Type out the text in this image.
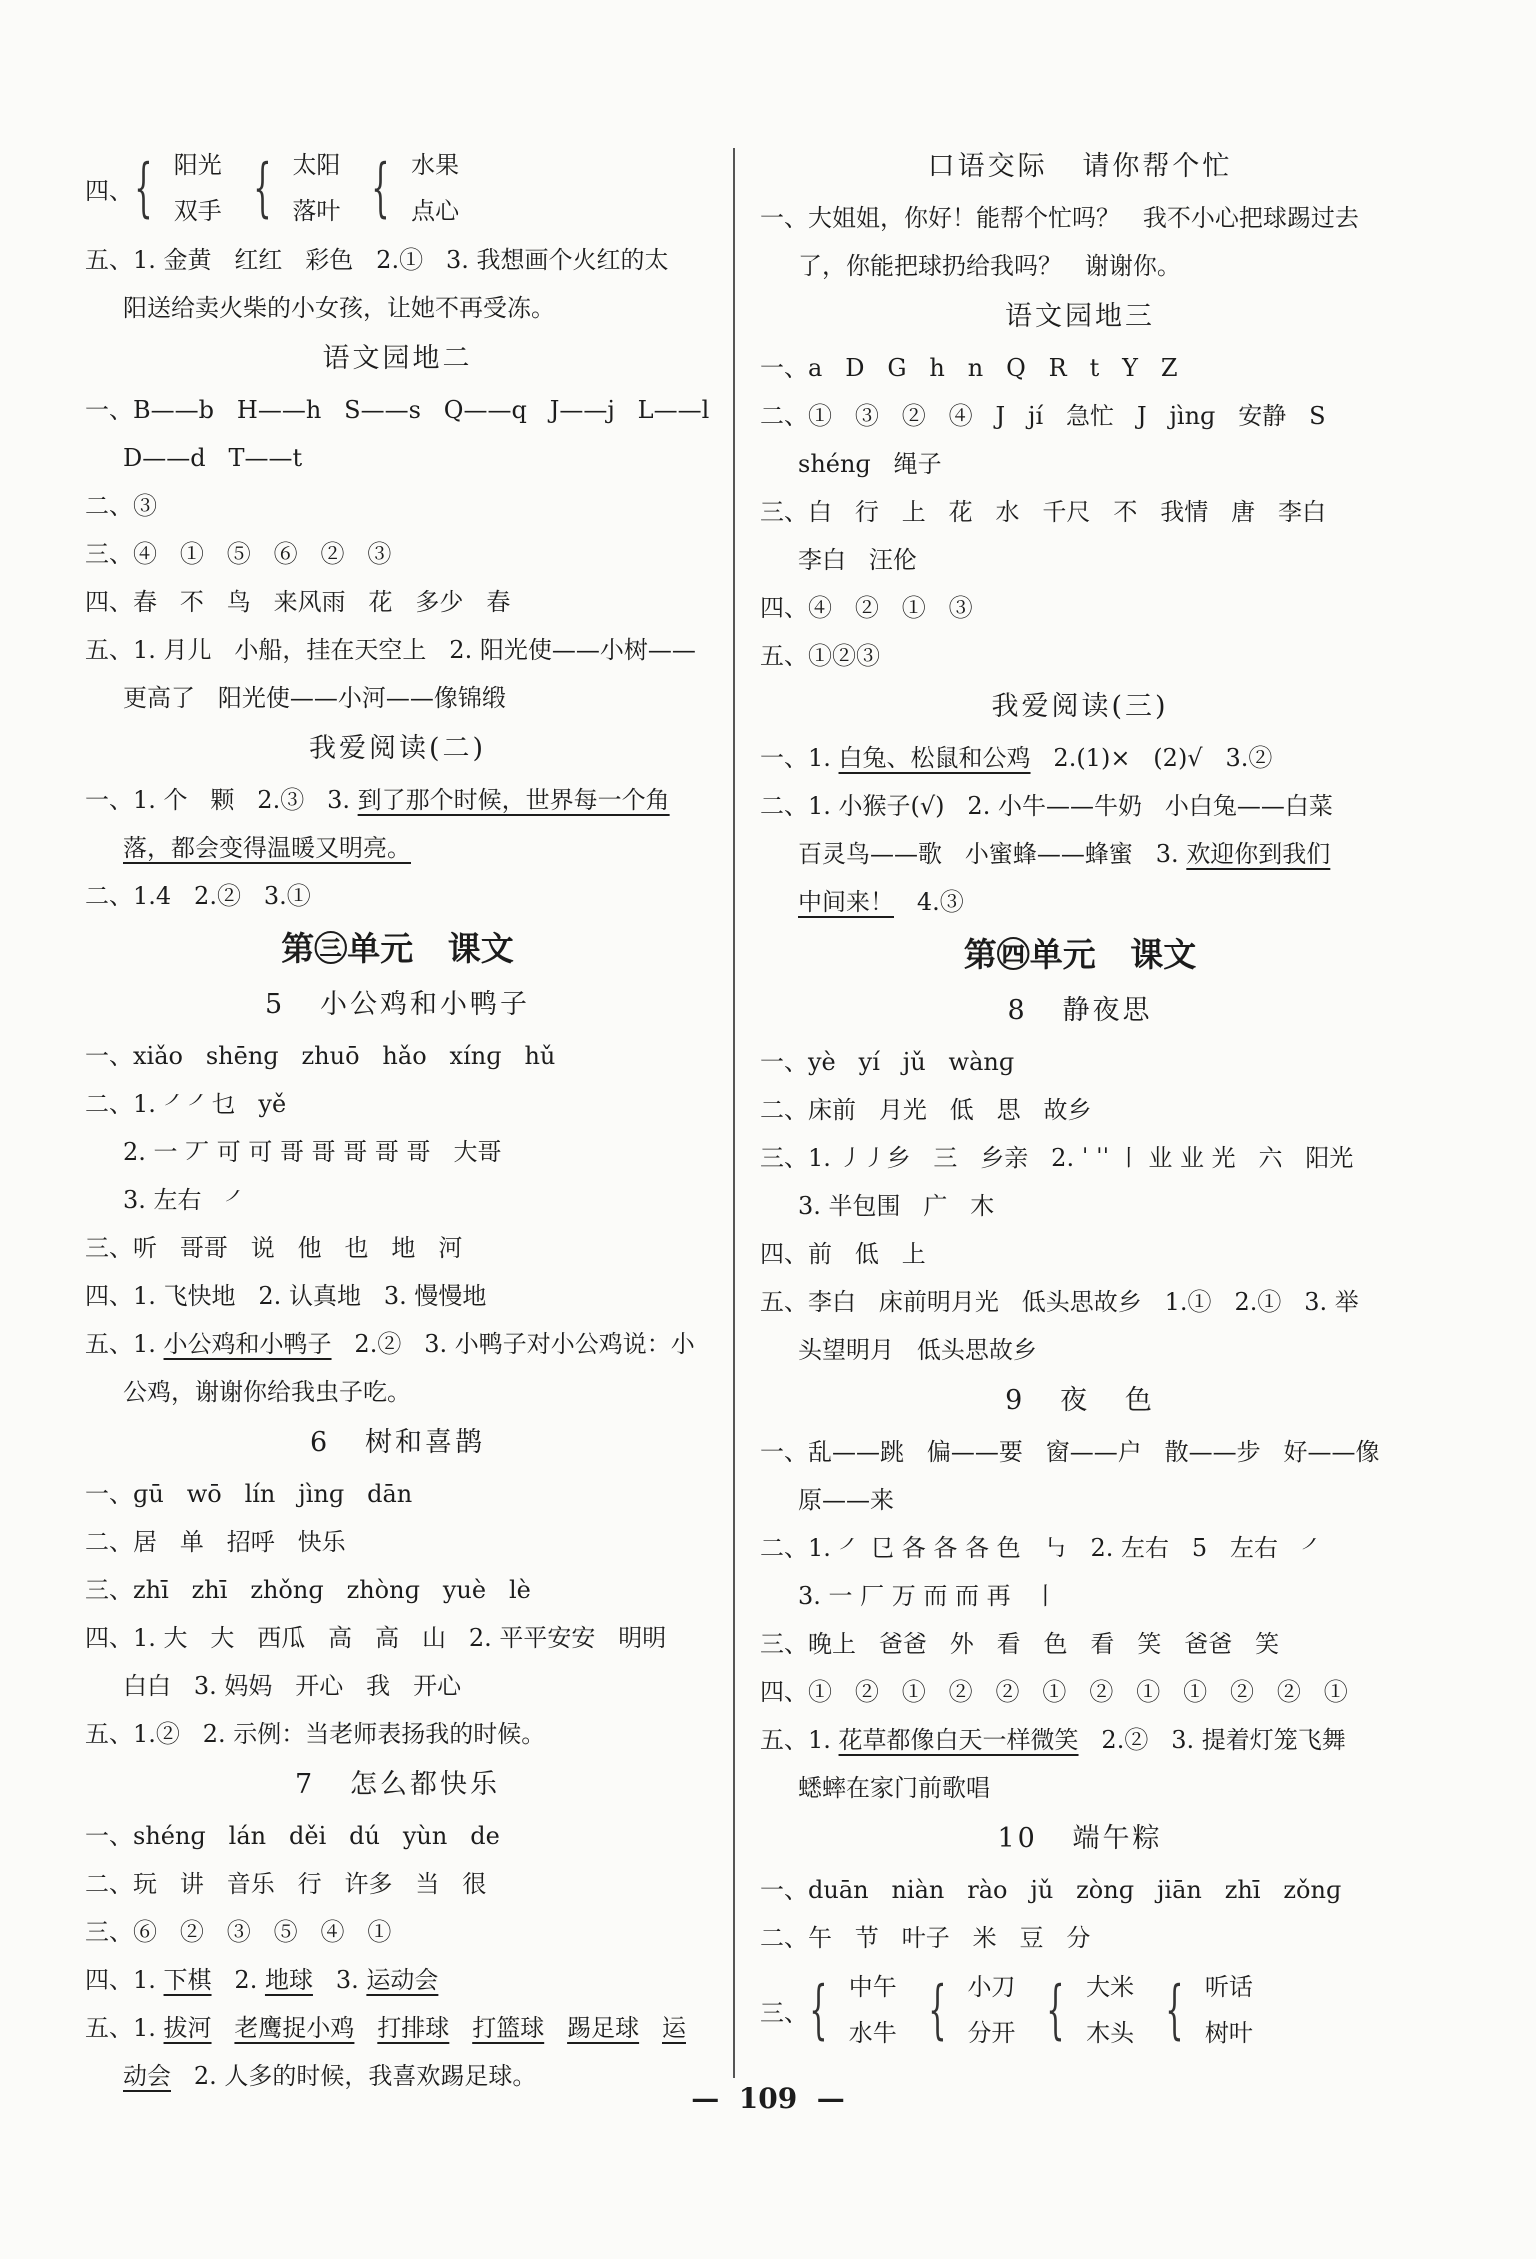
四、 { 阳光
双手 { 太阳
落叶 { 水果
点心
五、1. 金黄   红红   彩色   2.①   3. 我想画个火红的太
阳送给卖火柴的小女孩，让她不再受冻。
语文园地二
一、B——b   H——h   S——s   Q——q   J——j   L——l
D——d   T——t
二、③
三、④   ①   ⑤   ⑥   ②   ③
四、春   不   鸟   来风雨   花   多少   春
五、1. 月儿   小船，挂在天空上   2. 阳光使——小树——
更高了   阳光使——小河——像锦缎
我爱阅读(二)
一、1. 个   颗   2.③   3. 到了那个时候，世界每一个角
落，都会变得温暖又明亮。
二、1.4   2.②   3.①
第㊂单元   课文
5   小公鸡和小鸭子
一、xiǎo   shēnɡ   zhuō   hǎo   xínɡ   hǔ
二、1. ㇒㇒乜   yě
2. 一 丆 可 可 哥 哥 哥 哥 哥   大哥
3. 左右   ㇒
三、听   哥哥   说   他   也   地   河
四、1. 飞快地   2. 认真地   3. 慢慢地
五、1. 小公鸡和小鸭子   2.②   3. 小鸭子对小公鸡说：小
公鸡，谢谢你给我虫子吃。
6   树和喜鹊
一、ɡū   wō   lín   jìnɡ   dān
二、居   单   招呼   快乐
三、zhī   zhī   zhǒnɡ   zhònɡ   yuè   lè
四、1. 大   大   西瓜   高   高   山   2. 平平安安   明明
白白   3. 妈妈   开心   我   开心
五、1.②   2. 示例：当老师表扬我的时候。
7   怎么都快乐
一、shénɡ   lán   děi   dú   yùn   de
二、玩   讲   音乐   行   许多   当   很
三、⑥   ②   ③   ⑤   ④   ①
四、1. 下棋   2. 地球   3. 运动会
五、1. 拔河 老鹰捉小鸡 打排球 打篮球 踢足球 运
动会   2. 人多的时候，我喜欢踢足球。
口语交际   请你帮个忙
一、大姐姐，你好！能帮个忙吗？   我不小心把球踢过去
了，你能把球扔给我吗？   谢谢你。
语文园地三
一、a   D   G   h   n   Q   R   t   Y   Z
二、①   ③   ②   ④   J   jí   急忙   J   jìnɡ   安静   S
shénɡ   绳子
三、白   行   上   花   水   千尺   不   我情   唐   李白
李白   汪伦
四、④   ②   ①   ③
五、①②③
我爱阅读(三)
一、1. 白兔、松鼠和公鸡   2.(1)×   (2)√   3.②
二、1. 小猴子(√)   2. 小牛——牛奶   小白兔——白菜
百灵鸟——歌   小蜜蜂——蜂蜜   3. 欢迎你到我们
中间来！   4.③
第㊃单元   课文
8   静夜思
一、yè   yí   jǔ   wànɡ
二、床前   月光   低   思   故乡
三、1. ㇓㇓乡   三   乡亲   2. ˈ ˈˈ ㇑ 业 业 光   六   阳光
3. 半包围   广   木
四、前   低   上
五、李白   床前明月光   低头思故乡   1.①   2.①   3. 举
头望明月   低头思故乡
9   夜   色
一、乱——跳   偏——要   窗——户   散——步   好——像
原——来
二、1. ㇒ 㔾 各 各 各 色   ㇉   2. 左右   5   左右   ㇒
3. 一 厂 万 而 而 再   丨
三、晚上   爸爸   外   看   色   看   笑   爸爸   笑
四、①   ②   ①   ②   ②   ①   ②   ①   ①   ②   ②   ①
五、1. 花草都像白天一样微笑   2.②   3. 提着灯笼飞舞
蟋蟀在家门前歌唱
10   端午粽
一、duān   niàn   rào   jǔ   zònɡ   jiān   zhī   zǒnɡ
二、午   节   叶子   米   豆   分
三、 { 中午
水牛 { 小刀
分开 { 大米
木头 { 听话
树叶
—  109  —
